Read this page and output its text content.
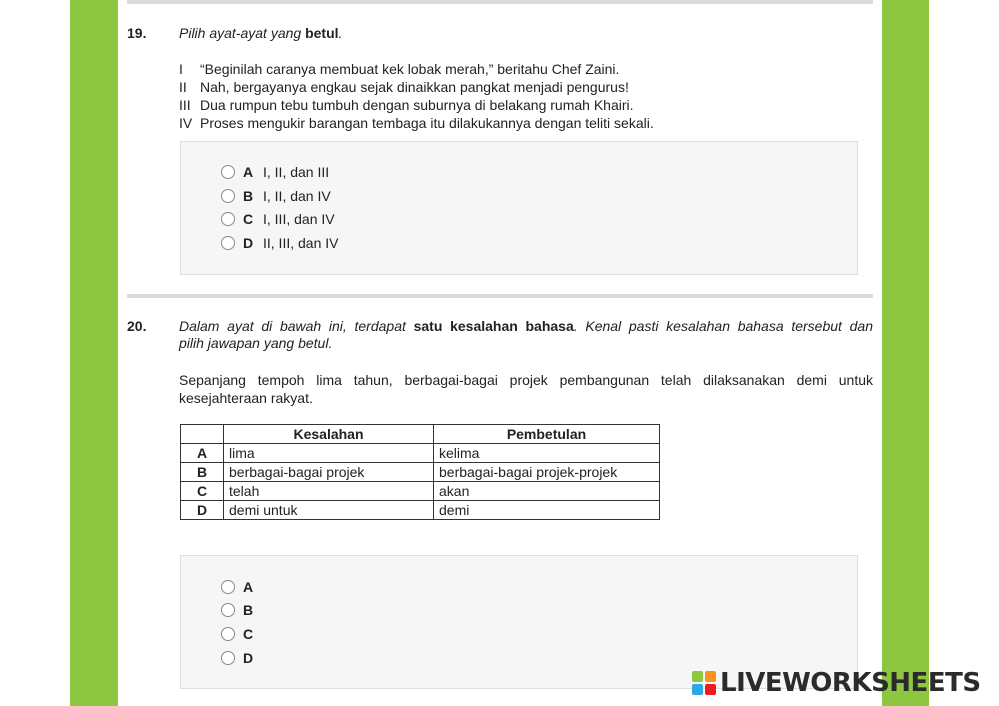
19. Pilih ayat-ayat yang betul.
I “Beginilah caranya membuat kek lobak merah,” beritahu Chef Zaini.
II Nah, bergayanya engkau sejak dinaikkan pangkat menjadi pengurus!
III Dua rumpun tebu tumbuh dengan suburnya di belakang rumah Khairi.
IV Proses mengukir barangan tembaga itu dilakukannya dengan teliti sekali.
A I, II, dan III
B I, II, dan IV
C I, III, dan IV
D II, III, dan IV
20. Dalam ayat di bawah ini, terdapat satu kesalahan bahasa. Kenal pasti kesalahan bahasa tersebut dan
pilih jawapan yang betul.
Sepanjang tempoh lima tahun, berbagai-bagai projek pembangunan telah dilaksanakan demi untuk
kesejahteraan rakyat.
	Kesalahan	Pembetulan
A	lima	kelima
B	berbagai-bagai projek	berbagai-bagai projek-projek
C	telah	akan
D	demi untuk	demi
A
B
C
D
LIVEWORKSHEETS
